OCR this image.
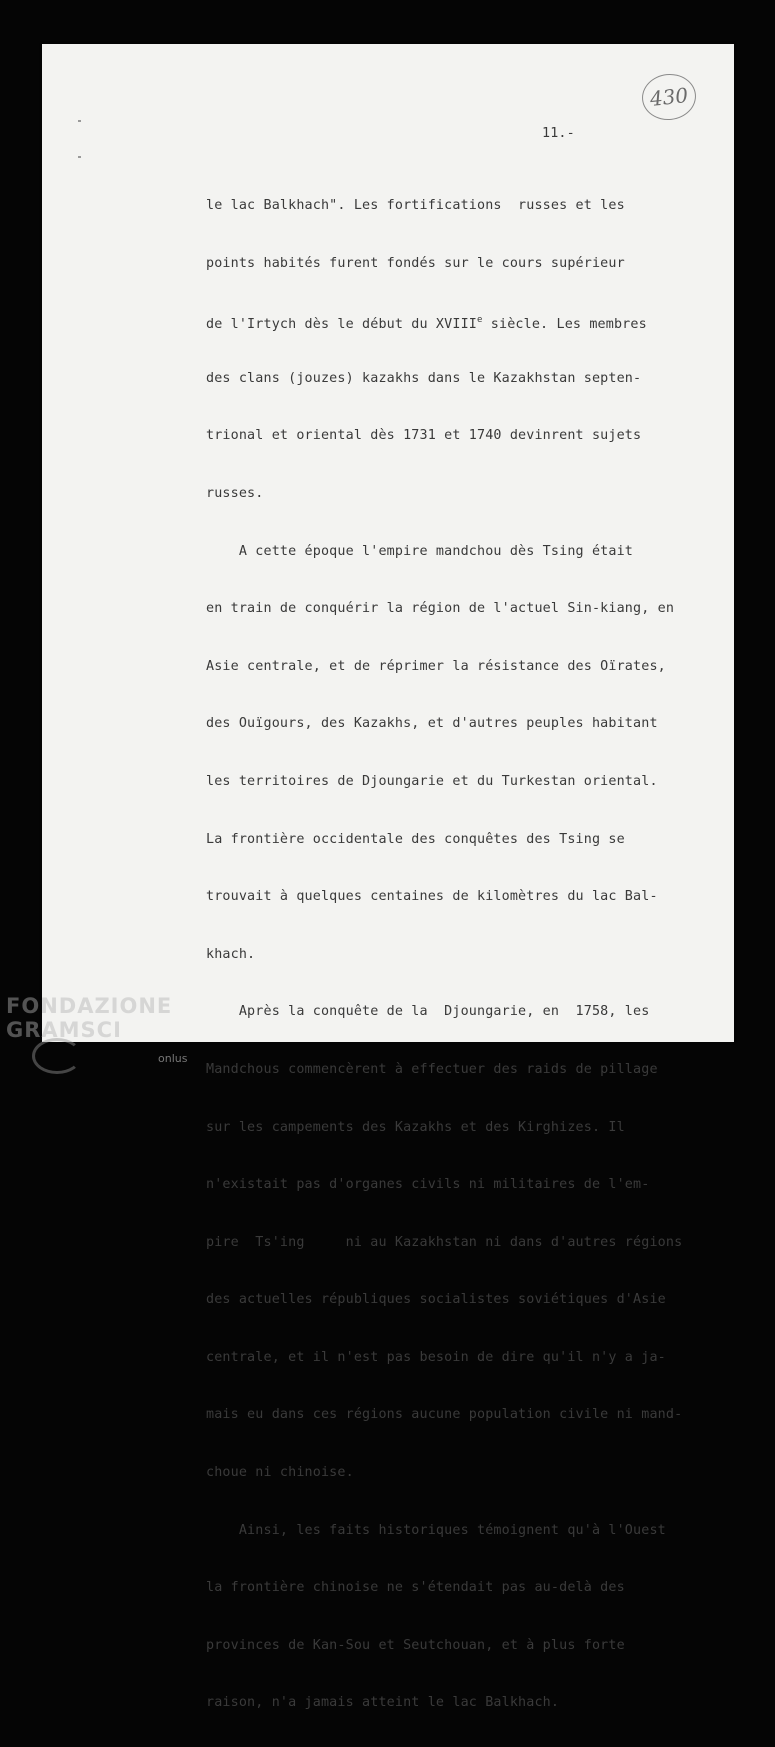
430
11.-

le lac Balkhach". Les fortifications  russes et les

points habités furent fondés sur le cours supérieur

de l'Irtych dès le début du XVIIIe siècle. Les membres

des clans (jouzes) kazakhs dans le Kazakhstan septen-

trional et oriental dès 1731 et 1740 devinrent sujets

russes.

A cette époque l'empire mandchou dès Tsing était

en train de conquérir la région de l'actuel Sin-kiang, en

Asie centrale, et de réprimer la résistance des Oïrates,

des Ouïgours, des Kazakhs, et d'autres peuples habitant

les territoires de Djoungarie et du Turkestan oriental.

La frontière occidentale des conquêtes des Tsing se

trouvait à quelques centaines de kilomètres du lac Bal-

khach.

Après la conquête de la  Djoungarie, en  1758, les

Mandchous commencèrent à effectuer des raids de pillage

sur les campements des Kazakhs et des Kirghizes. Il

n'existait pas d'organes civils ni militaires de l'em-

pire  Ts'ing     ni au Kazakhstan ni dans d'autres régions

des actuelles républiques socialistes soviétiques d'Asie

centrale, et il n'est pas besoin de dire qu'il n'y a ja-

mais eu dans ces régions aucune population civile ni mand-

choue ni chinoise.

Ainsi, les faits historiques témoignent qu'à l'Ouest

la frontière chinoise ne s'étendait pas au-delà des

provinces de Kan-Sou et Seutchouan, et à plus forte

raison, n'a jamais atteint le lac Balkhach.

FONDAZIONE
GRAMSCI
onlus
